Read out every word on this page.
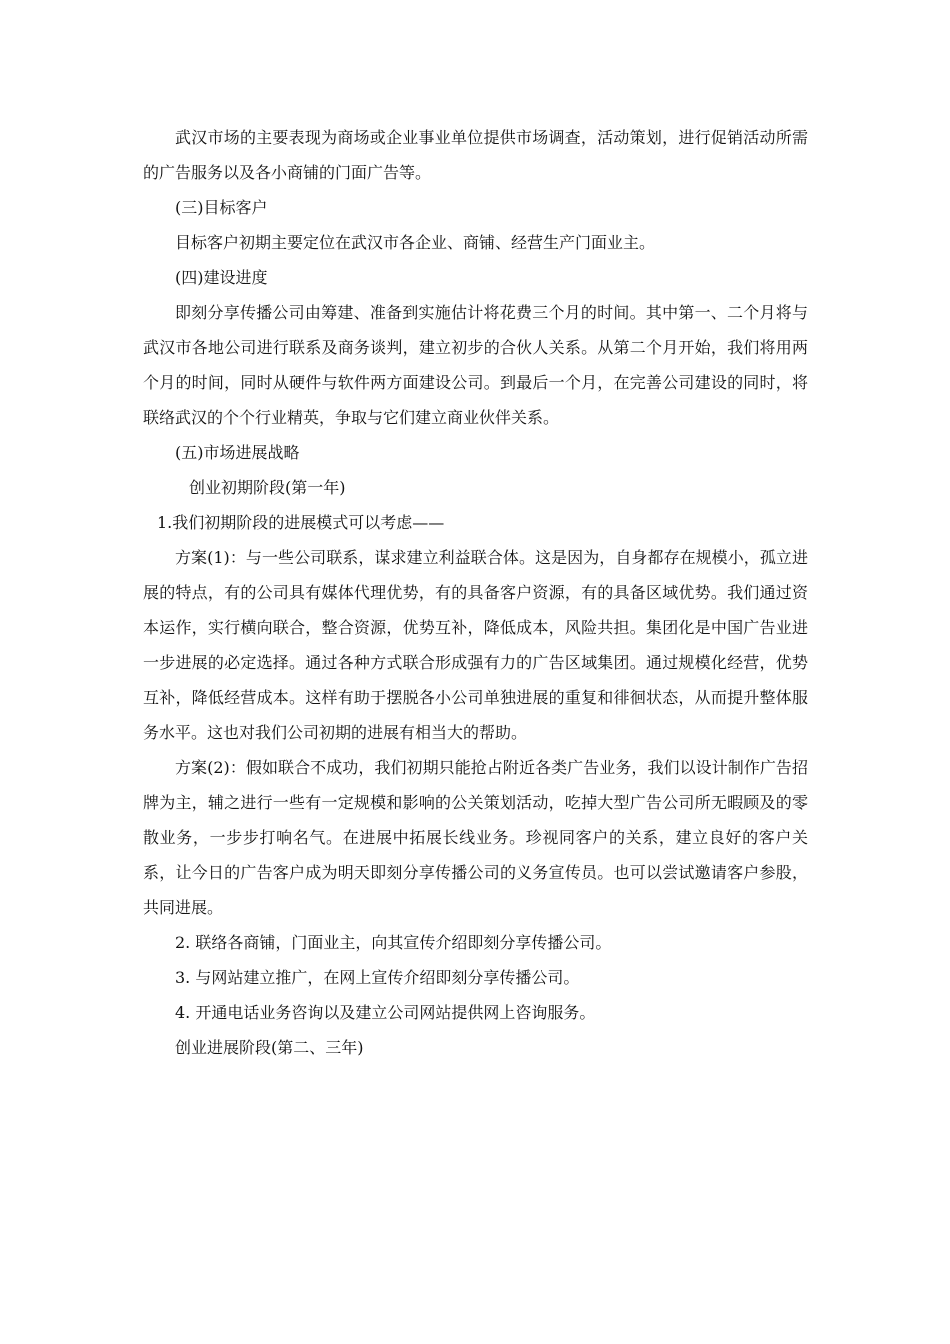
武汉市场的主要表现为商场或企业事业单位提供市场调查，活动策划，进行促销活动所需的广告服务以及各小商铺的门面广告等。

(三)目标客户

目标客户初期主要定位在武汉市各企业、商铺、经营生产门面业主。

(四)建设进度

即刻分享传播公司由筹建、准备到实施估计将花费三个月的时间。其中第一、二个月将与武汉市各地公司进行联系及商务谈判，建立初步的合伙人关系。从第二个月开始，我们将用两个月的时间，同时从硬件与软件两方面建设公司。到最后一个月，在完善公司建设的同时，将联络武汉的个个行业精英，争取与它们建立商业伙伴关系。

(五)市场进展战略

创业初期阶段(第一年)

1.我们初期阶段的进展模式可以考虑——

方案(1)：与一些公司联系，谋求建立利益联合体。这是因为，自身都存在规模小，孤立进展的特点，有的公司具有媒体代理优势，有的具备客户资源，有的具备区域优势。我们通过资本运作，实行横向联合，整合资源，优势互补，降低成本，风险共担。集团化是中国广告业进一步进展的必定选择。通过各种方式联合形成强有力的广告区域集团。通过规模化经营，优势互补，降低经营成本。这样有助于摆脱各小公司单独进展的重复和徘徊状态，从而提升整体服务水平。这也对我们公司初期的进展有相当大的帮助。

方案(2)：假如联合不成功，我们初期只能抢占附近各类广告业务，我们以设计制作广告招牌为主，辅之进行一些有一定规模和影响的公关策划活动，吃掉大型广告公司所无暇顾及的零散业务，一步步打响名气。在进展中拓展长线业务。珍视同客户的关系，建立良好的客户关系，让今日的广告客户成为明天即刻分享传播公司的义务宣传员。也可以尝试邀请客户参股，共同进展。

2. 联络各商铺，门面业主，向其宣传介绍即刻分享传播公司。

3. 与网站建立推广，在网上宣传介绍即刻分享传播公司。

4. 开通电话业务咨询以及建立公司网站提供网上咨询服务。

创业进展阶段(第二、三年)
